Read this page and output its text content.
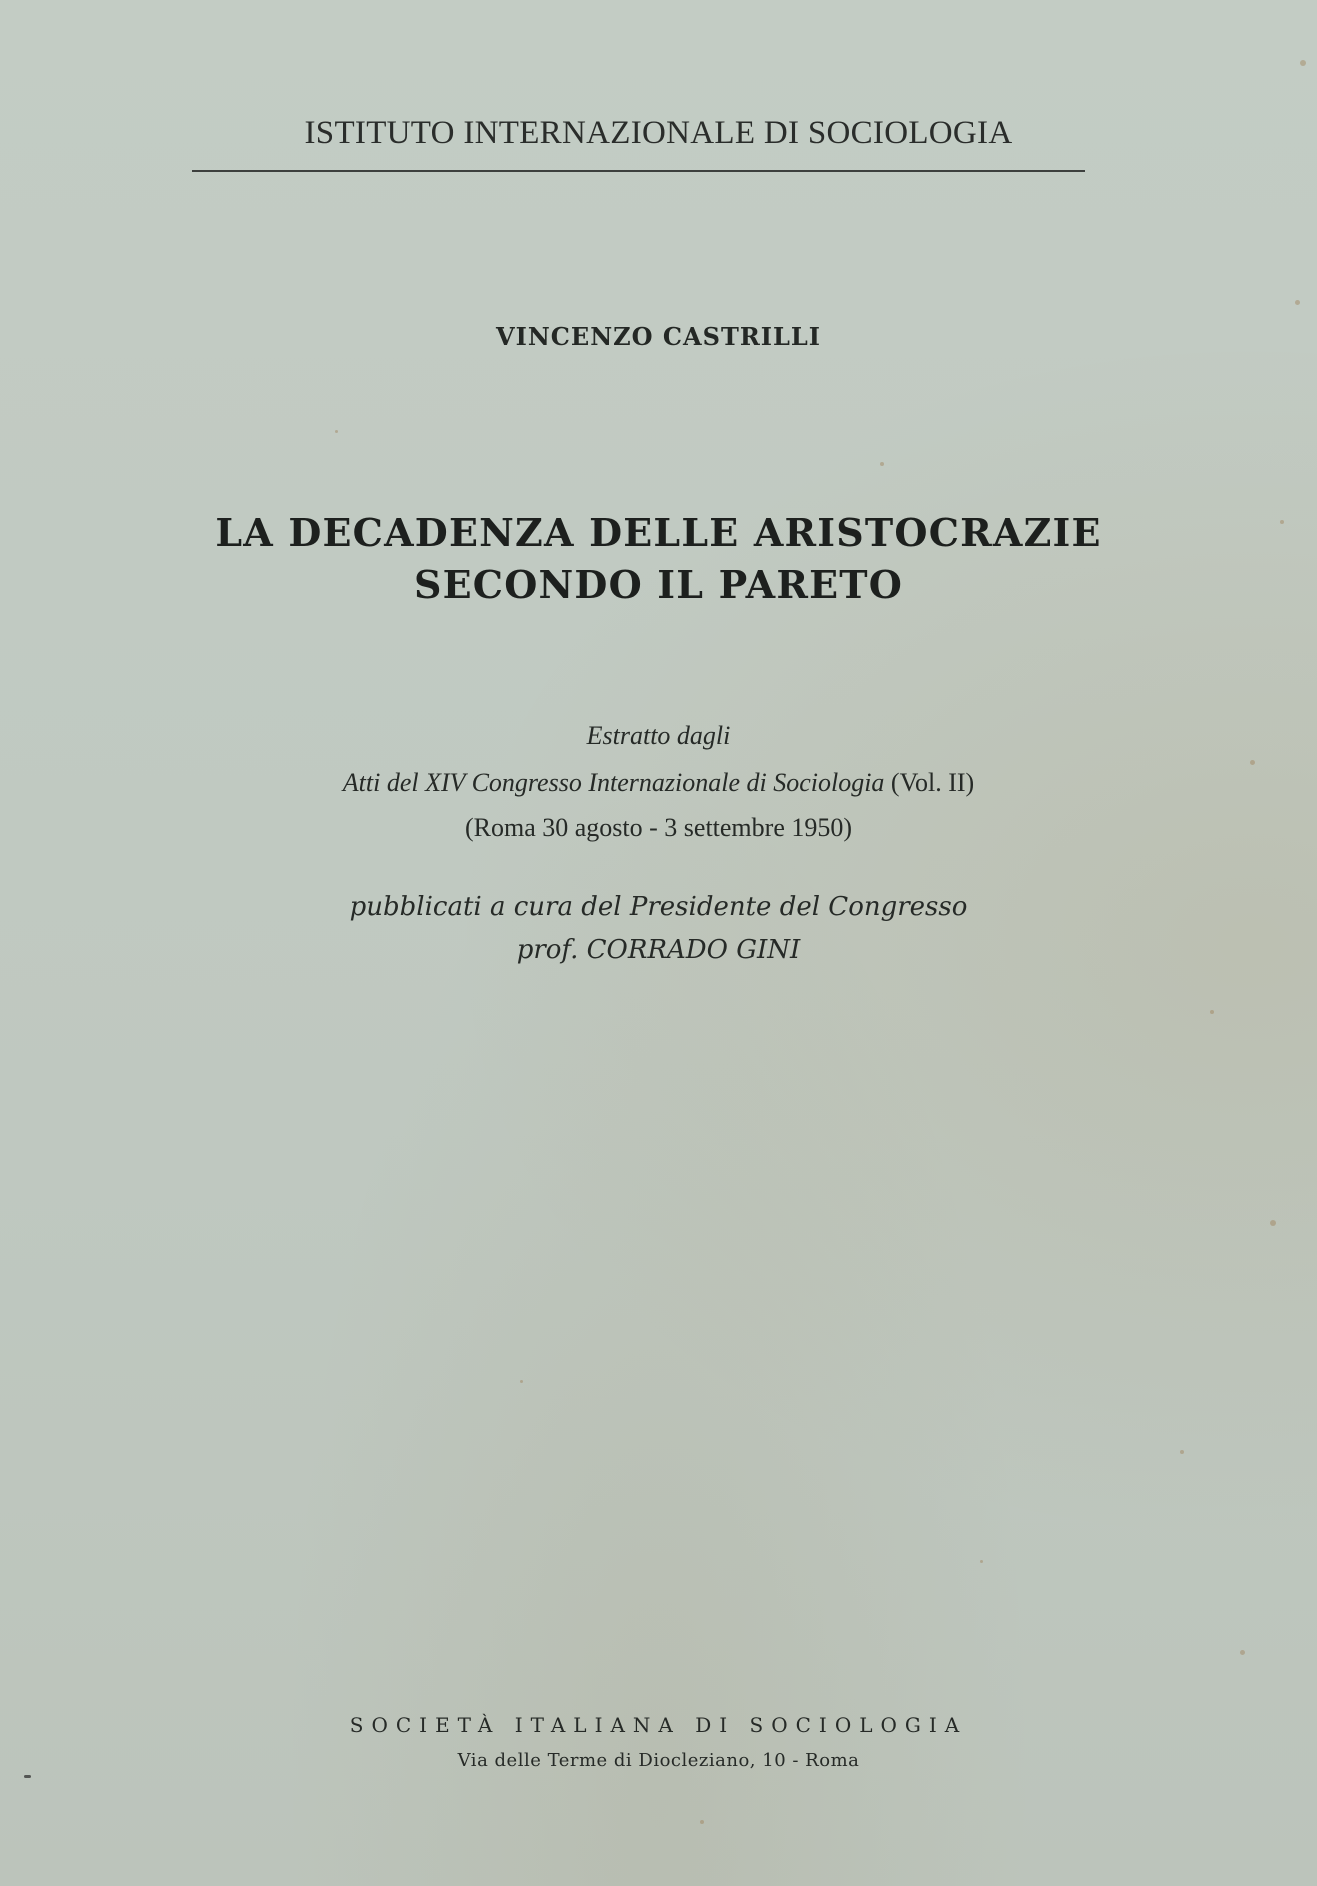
ISTITUTO INTERNAZIONALE DI SOCIOLOGIA
VINCENZO CASTRILLI
LA DECADENZA DELLE ARISTOCRAZIE
SECONDO IL PARETO
Estratto dagli
Atti del XIV Congresso Internazionale di Sociologia (Vol. II)
(Roma 30 agosto - 3 settembre 1950)
pubblicati a cura del Presidente del Congresso
prof. CORRADO GINI
SOCIETÀ ITALIANA DI SOCIOLOGIA
Via delle Terme di Diocleziano, 10 - Roma
